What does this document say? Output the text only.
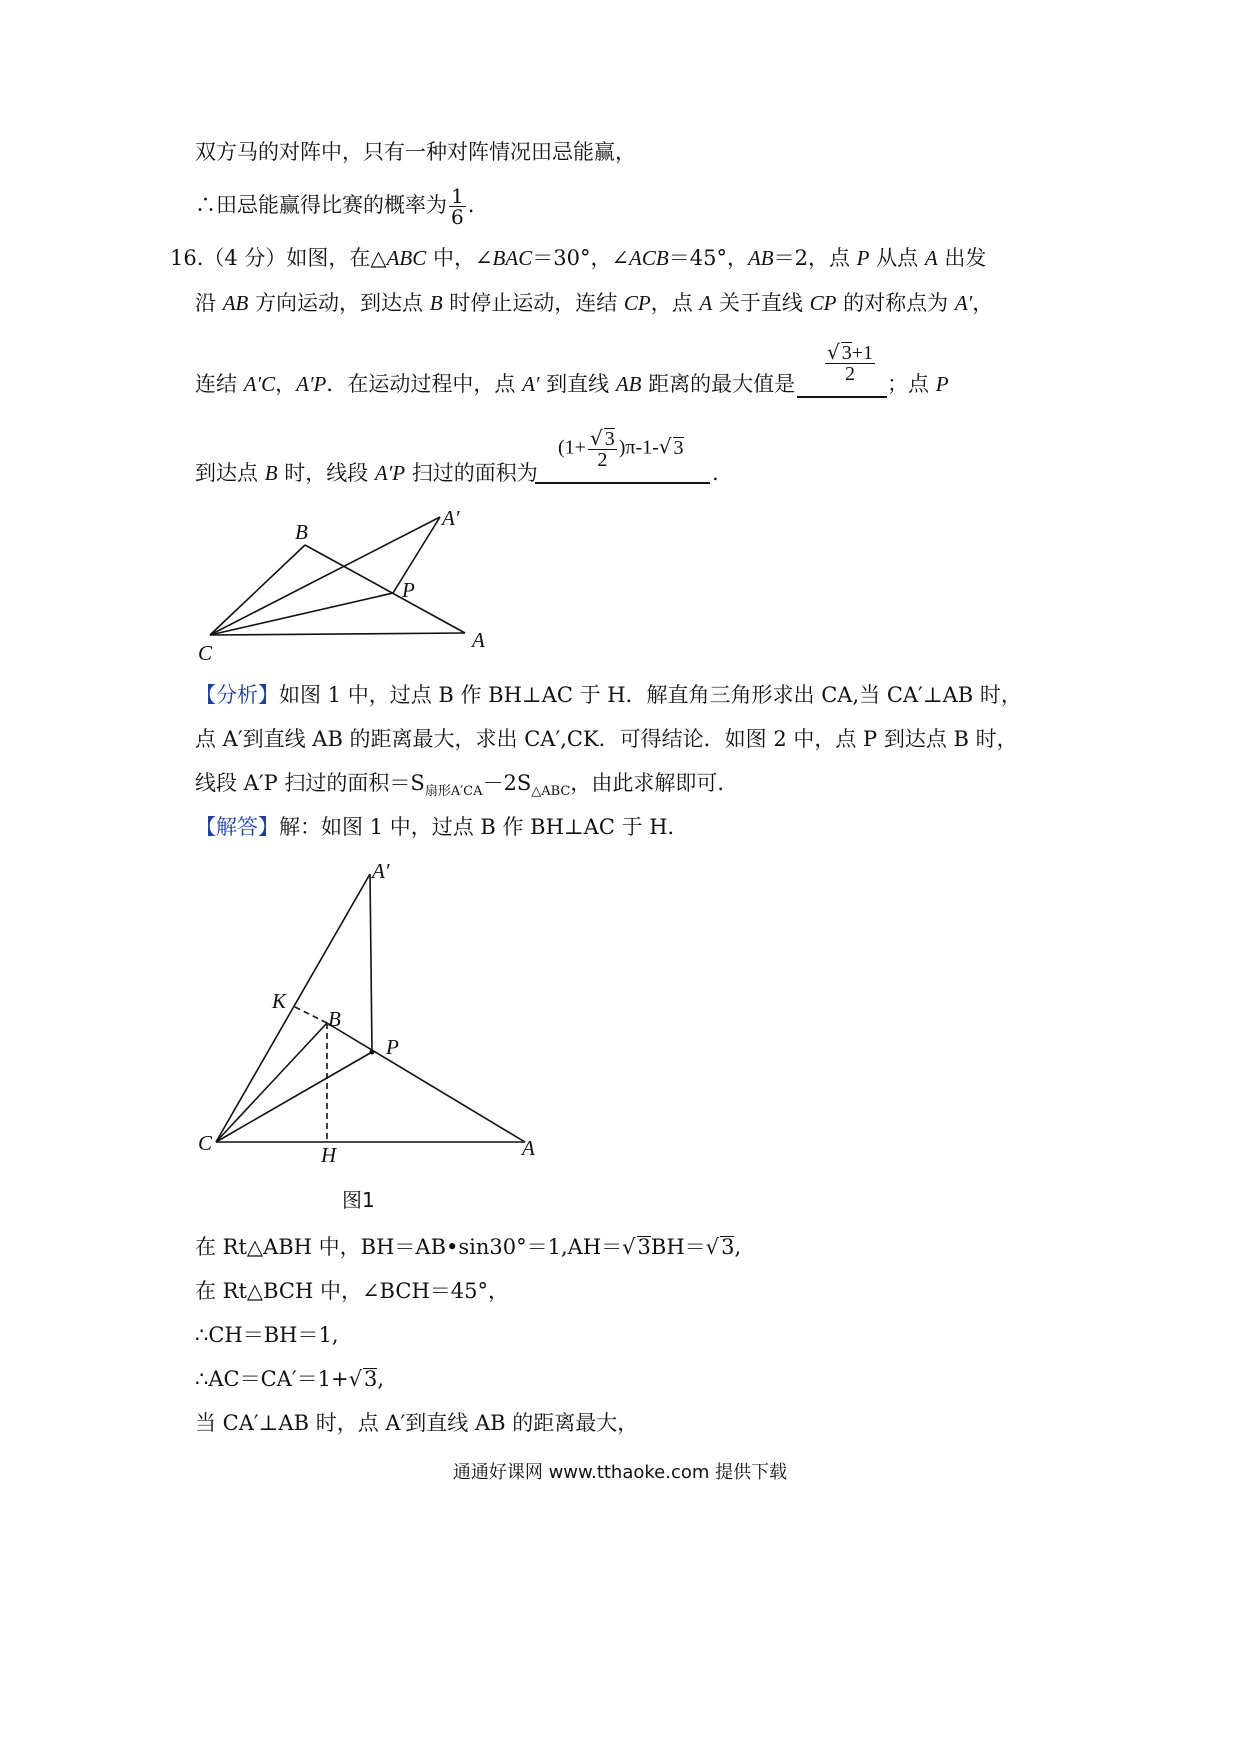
双方马的对阵中，只有一种对阵情况田忌能赢，
∴田忌能赢得比赛的概率为 $\frac{1}{6}$ .
16.（4 分）如图，在△ABC 中，∠BAC＝30°，∠ACB＝45°，AB＝2，点 P 从点 A 出发
沿 AB 方向运动，到达点 B 时停止运动，连结 CP，点 A 关于直线 CP 的对称点为 A′，
连结 A′C，A′P．在运动过程中，点 A′ 到直线 AB 距离的最大值是 $\frac{√ 3+1}{2}$ ；点 P
到达点 B 时，线段 A′P 扫过的面积为
$(1+ \frac{√ 3}{2} )\pi-1-√$ 3
.
B
A′
P
C
A
【分析】如图 1 中，过点 B 作 BH⊥AC 于 H．解直角三角形求出 CA,当 CA′⊥AB 时，
点 A′到直线 AB 的距离最大，求出 CA′,CK．可得结论．如图 2 中，点 P 到达点 B 时，
线段 A′P 扫过的面积$=S_{扇形A'CA}-2S_{\triangle ABC}$，由此求解即可．
【解答】解：如图 1 中，过点 B 作 BH⊥AC 于 H．
A′
K
B
P
C	H	A
图1
在 Rt△ABH 中，BH＝AB•sin30°＝1,AH＝√3BH＝√3,
在 Rt△BCH 中，∠BCH＝45°，
∴CH＝BH＝1,
∴AC＝CA′＝1+√3,
当 CA′⊥AB 时，点 A′到直线 AB 的距离最大，
通通好课网 www.tthaoke.com 提供下载
